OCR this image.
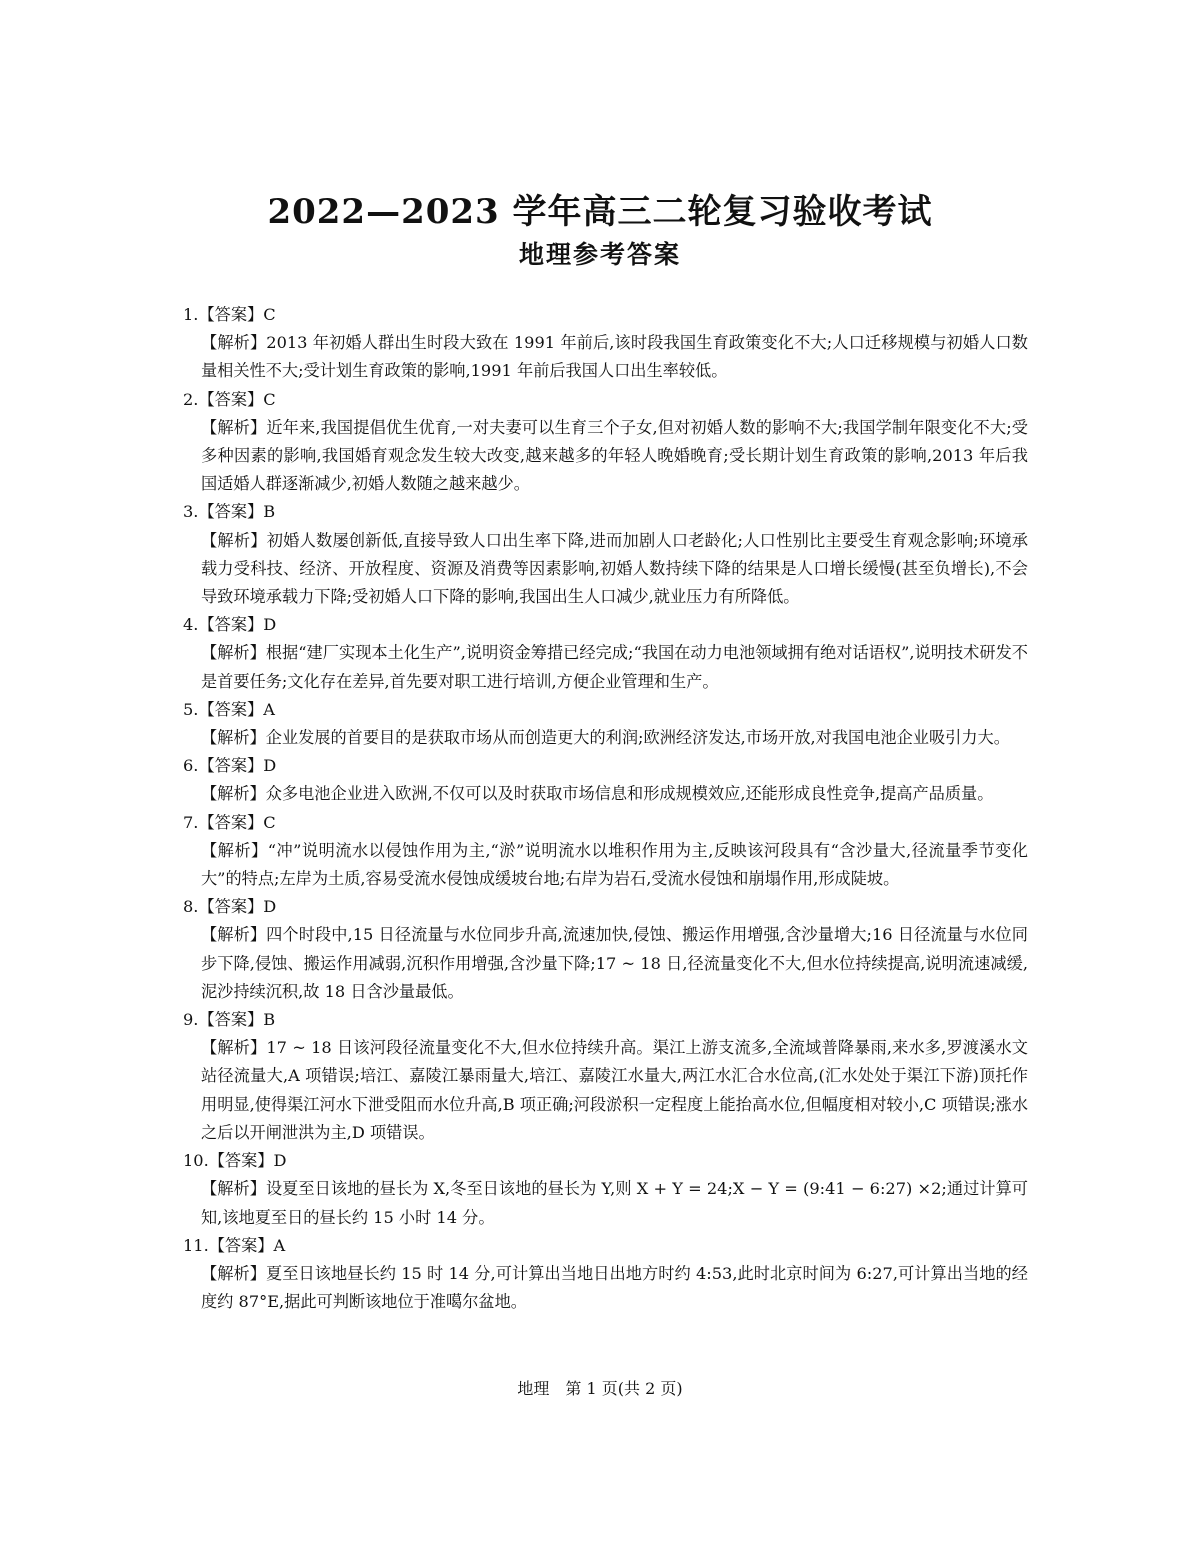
2022—2023 学年高三二轮复习验收考试
地理参考答案
1.【答案】C
【解析】2013 年初婚人群出生时段大致在 1991 年前后,该时段我国生育政策变化不大;人口迁移规模与初婚人口数量相关性不大;受计划生育政策的影响,1991 年前后我国人口出生率较低。
2.【答案】C
【解析】近年来,我国提倡优生优育,一对夫妻可以生育三个子女,但对初婚人数的影响不大;我国学制年限变化不大;受多种因素的影响,我国婚育观念发生较大改变,越来越多的年轻人晚婚晚育;受长期计划生育政策的影响,2013 年后我国适婚人群逐渐减少,初婚人数随之越来越少。
3.【答案】B
【解析】初婚人数屡创新低,直接导致人口出生率下降,进而加剧人口老龄化;人口性别比主要受生育观念影响;环境承载力受科技、经济、开放程度、资源及消费等因素影响,初婚人数持续下降的结果是人口增长缓慢(甚至负增长),不会导致环境承载力下降;受初婚人口下降的影响,我国出生人口减少,就业压力有所降低。
4.【答案】D
【解析】根据“建厂实现本土化生产”,说明资金筹措已经完成;“我国在动力电池领域拥有绝对话语权”,说明技术研发不是首要任务;文化存在差异,首先要对职工进行培训,方便企业管理和生产。
5.【答案】A
【解析】企业发展的首要目的是获取市场从而创造更大的利润;欧洲经济发达,市场开放,对我国电池企业吸引力大。
6.【答案】D
【解析】众多电池企业进入欧洲,不仅可以及时获取市场信息和形成规模效应,还能形成良性竞争,提高产品质量。
7.【答案】C
【解析】“冲”说明流水以侵蚀作用为主,“淤”说明流水以堆积作用为主,反映该河段具有“含沙量大,径流量季节变化大”的特点;左岸为土质,容易受流水侵蚀成缓坡台地;右岸为岩石,受流水侵蚀和崩塌作用,形成陡坡。
8.【答案】D
【解析】四个时段中,15 日径流量与水位同步升高,流速加快,侵蚀、搬运作用增强,含沙量增大;16 日径流量与水位同步下降,侵蚀、搬运作用减弱,沉积作用增强,含沙量下降;17 ~ 18 日,径流量变化不大,但水位持续提高,说明流速减缓,泥沙持续沉积,故 18 日含沙量最低。
9.【答案】B
【解析】17 ~ 18 日该河段径流量变化不大,但水位持续升高。渠江上游支流多,全流域普降暴雨,来水多,罗渡溪水文站径流量大,A 项错误;培江、嘉陵江暴雨量大,培江、嘉陵江水量大,两江水汇合水位高,(汇水处处于渠江下游)顶托作用明显,使得渠江河水下泄受阻而水位升高,B 项正确;河段淤积一定程度上能抬高水位,但幅度相对较小,C 项错误;涨水之后以开闸泄洪为主,D 项错误。
10.【答案】D
【解析】设夏至日该地的昼长为 X,冬至日该地的昼长为 Y,则 X + Y = 24;X − Y = (9:41 − 6:27) ×2;通过计算可知,该地夏至日的昼长约 15 小时 14 分。
11.【答案】A
【解析】夏至日该地昼长约 15 时 14 分,可计算出当地日出地方时约 4:53,此时北京时间为 6:27,可计算出当地的经度约 87°E,据此可判断该地位于准噶尔盆地。
地理　第 1 页(共 2 页)
